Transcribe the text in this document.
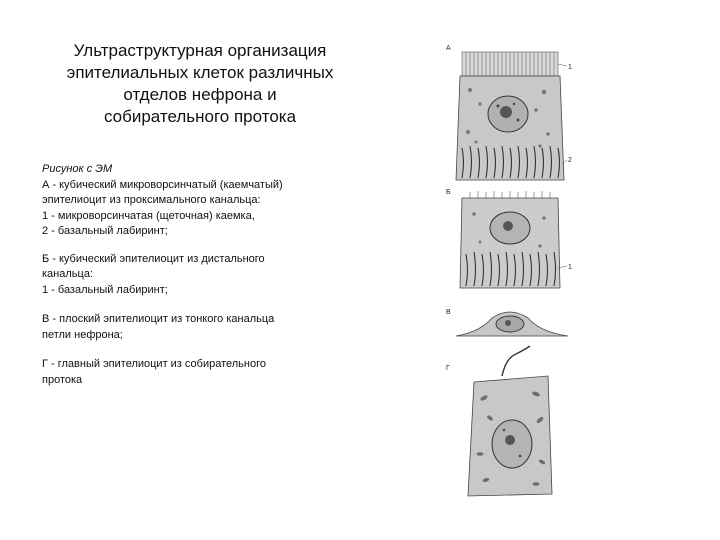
Ультраструктурная организация
эпителиальных клеток различных
отделов нефрона и
собирательного протока
Рисунок с ЭМ
А - кубический микроворсинчатый (каемчатый)
эпителиоцит из проксимального канальца:
1 - микроворсинчатая (щеточная) каемка,
2 - базальный лабиринт;
Б - кубический эпителиоцит из дистального
канальца:
1 - базальный лабиринт;
В - плоский эпителиоцит из тонкого канальца
петли нефрона;
Г - главный эпителиоцит из собирательного
протока
А
1
2
Б
1
В
Г
